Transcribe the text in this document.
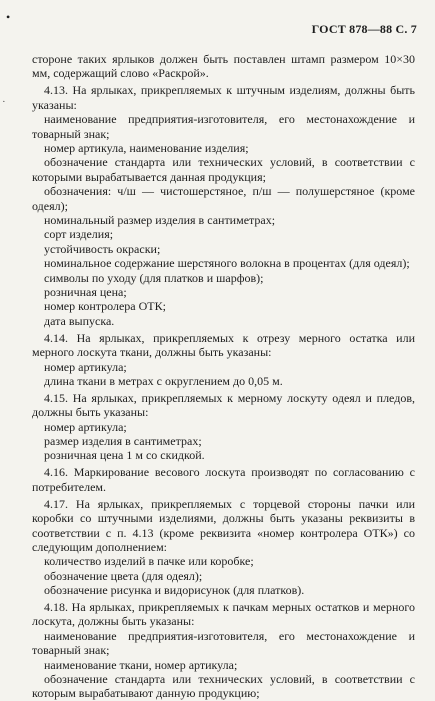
•
·
ГОСТ 878—88 С. 7

стороне таких ярлыков должен быть поставлен штамп размером 10×30 мм, содержащий слово «Раскрой».

4.13. На ярлыках, прикрепляемых к штучным изделиям, должны быть указаны:

наименование предприятия-изготовителя, его местонахождение и товарный знак;

номер артикула, наименование изделия;

обозначение стандарта или технических условий, в соответствии с которыми вырабатывается данная продукция;

обозначения: ч/ш — чистошерстяное, п/ш — полушерстяное (кроме одеял);

номинальный размер изделия в сантиметрах;

сорт изделия;

устойчивость окраски;

номинальное содержание шерстяного волокна в процентах (для одеял);

символы по уходу (для платков и шарфов);

розничная цена;

номер контролера ОТК;

дата выпуска.

4.14. На ярлыках, прикрепляемых к отрезу мерного остатка или мерного лоскута ткани, должны быть указаны:

номер артикула;

длина ткани в метрах с округлением до 0,05 м.

4.15. На ярлыках, прикрепляемых к мерному лоскуту одеял и пледов, должны быть указаны:

номер артикула;

размер изделия в сантиметрах;

розничная цена 1 м со скидкой.

4.16. Маркирование весового лоскута производят по согласованию с потребителем.

4.17. На ярлыках, прикрепляемых с торцевой стороны пачки или коробки со штучными изделиями, должны быть указаны реквизиты в соответствии с п. 4.13 (кроме реквизита «номер контролера ОТК») со следующим дополнением:

количество изделий в пачке или коробке;

обозначение цвета (для одеял);

обозначение рисунка и видорисунок (для платков).

4.18. На ярлыках, прикрепляемых к пачкам мерных остатков и мерного лоскута, должны быть указаны:

наименование предприятия-изготовителя, его местонахождение и товарный знак;

наименование ткани, номер артикула;

обозначение стандарта или технических условий, в соответствии с которым вырабатывают данную продукцию;
